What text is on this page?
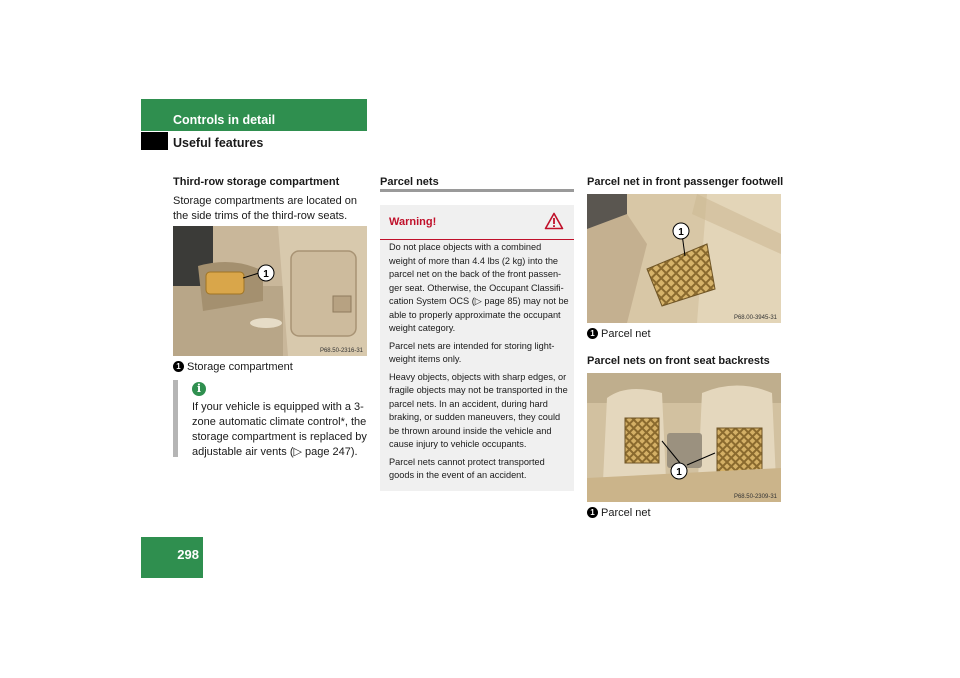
Controls in detail
Useful features
Third-row storage compartment
Storage compartments are located on the side trims of the third-row seats.
1
P68.50-2316-31
1 Storage compartment
i
If your vehicle is equipped with a 3-zone automatic climate control*, the storage compartment is replaced by adjustable air vents (▷ page 247).
Parcel nets
Warning!

Do not place objects with a combined weight of more than 4.4 lbs (2 kg) into the parcel net on the back of the front passen-ger seat. Otherwise, the Occupant Classifi-cation System OCS (▷ page 85) may not be able to properly approximate the occupant weight category.

Parcel nets are intended for storing light-weight items only.

Heavy objects, objects with sharp edges, or fragile objects may not be transported in the parcel nets. In an accident, during hard braking, or sudden maneuvers, they could be thrown around inside the vehicle and cause injury to vehicle occupants.

Parcel nets cannot protect transported goods in the event of an accident.

Parcel net in front passenger footwell
1
P68.00-3945-31
1 Parcel net
Parcel nets on front seat backrests
1
P68.50-2309-31
1 Parcel net
298
